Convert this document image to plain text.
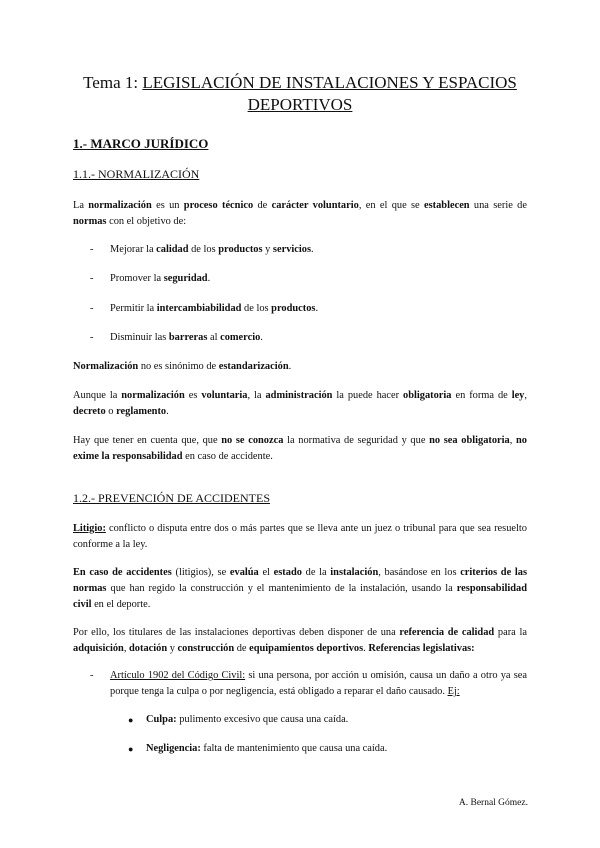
Tema 1: LEGISLACIÓN DE INSTALACIONES Y ESPACIOS
DEPORTIVOS
1.- MARCO JURÍDICO
1.1.- NORMALIZACIÓN
La normalización es un proceso técnico de carácter voluntario, en el que se establecen una serie de normas con el objetivo de:
- Mejorar la calidad de los productos y servicios.
- Promover la seguridad.
- Permitir la intercambiabilidad de los productos.
- Disminuir las barreras al comercio.
Normalización no es sinónimo de estandarización.
Aunque la normalización es voluntaria, la administración la puede hacer obligatoria en forma de ley, decreto o reglamento.
Hay que tener en cuenta que, que no se conozca la normativa de seguridad y que no sea obligatoria, no exime la responsabilidad en caso de accidente.
1.2.- PREVENCIÓN DE ACCIDENTES
Litigio: conflicto o disputa entre dos o más partes que se lleva ante un juez o tribunal para que sea resuelto conforme a la ley.
En caso de accidentes (litigios), se evalúa el estado de la instalación, basándose en los criterios de las normas que han regido la construcción y el mantenimiento de la instalación, usando la responsabilidad civil en el deporte.
Por ello, los titulares de las instalaciones deportivas deben disponer de una referencia de calidad para la adquisición, dotación y construcción de equipamientos deportivos. Referencias legislativas:
- Artículo 1902 del Código Civil: si una persona, por acción u omisión, causa un daño a otro ya sea porque tenga la culpa o por negligencia, está obligado a reparar el daño causado. Ej:
● Culpa: pulimento excesivo que causa una caída.
● Negligencia: falta de mantenimiento que causa una caída.
A. Bernal Gómez.
